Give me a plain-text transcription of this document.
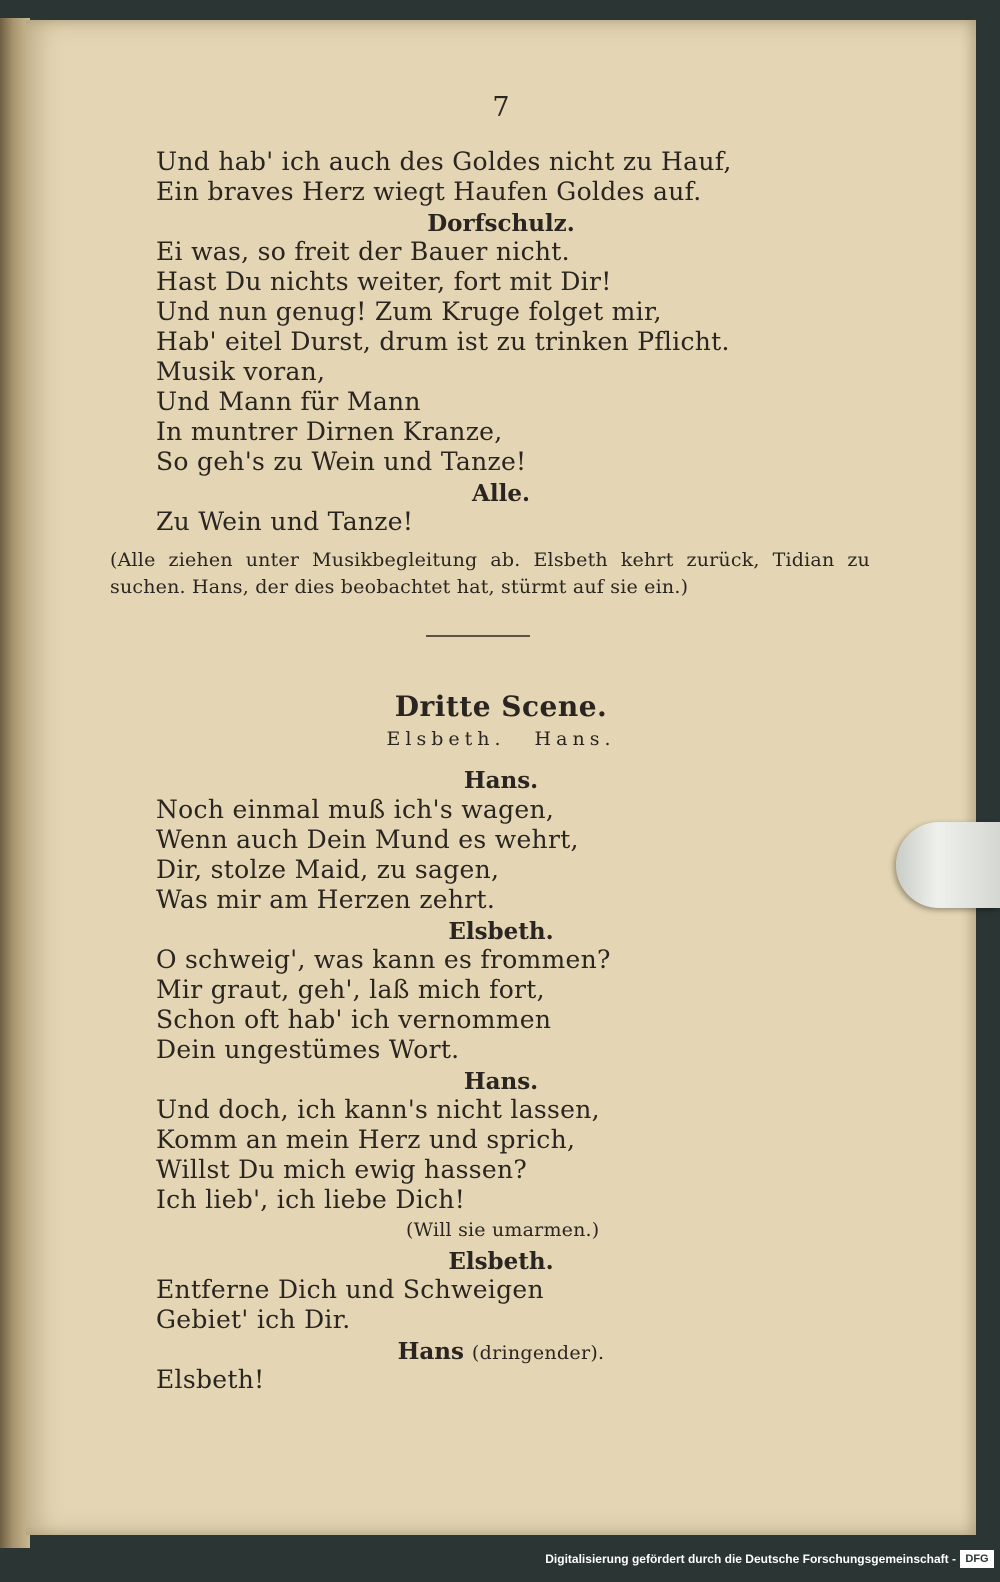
7
Und hab' ich auch des Goldes nicht zu Hauf,
Ein braves Herz wiegt Haufen Goldes auf.
Dorfschulz.
Ei was, so freit der Bauer nicht.
Hast Du nichts weiter, fort mit Dir!
Und nun genug! Zum Kruge folget mir,
Hab' eitel Durst, drum ist zu trinken Pflicht.
Musik voran,
Und Mann für Mann
In muntrer Dirnen Kranze,
So geh's zu Wein und Tanze!
Alle.
Zu Wein und Tanze!
(Alle ziehen unter Musikbegleitung ab. Elsbeth kehrt zurück, Tidian zu suchen. Hans, der dies beobachtet hat, stürmt auf sie ein.)
Dritte Scene.
Elsbeth. Hans.
Hans.
Noch einmal muß ich's wagen,
Wenn auch Dein Mund es wehrt,
Dir, stolze Maid, zu sagen,
Was mir am Herzen zehrt.
Elsbeth.
O schweig', was kann es frommen?
Mir graut, geh', laß mich fort,
Schon oft hab' ich vernommen
Dein ungestümes Wort.
Hans.
Und doch, ich kann's nicht lassen,
Komm an mein Herz und sprich,
Willst Du mich ewig hassen?
Ich lieb', ich liebe Dich!
(Will sie umarmen.)
Elsbeth.
Entferne Dich und Schweigen
Gebiet' ich Dir.
Hans (dringender).
Elsbeth!
Digitalisierung gefördert durch die Deutsche Forschungsgemeinschaft - DFG
